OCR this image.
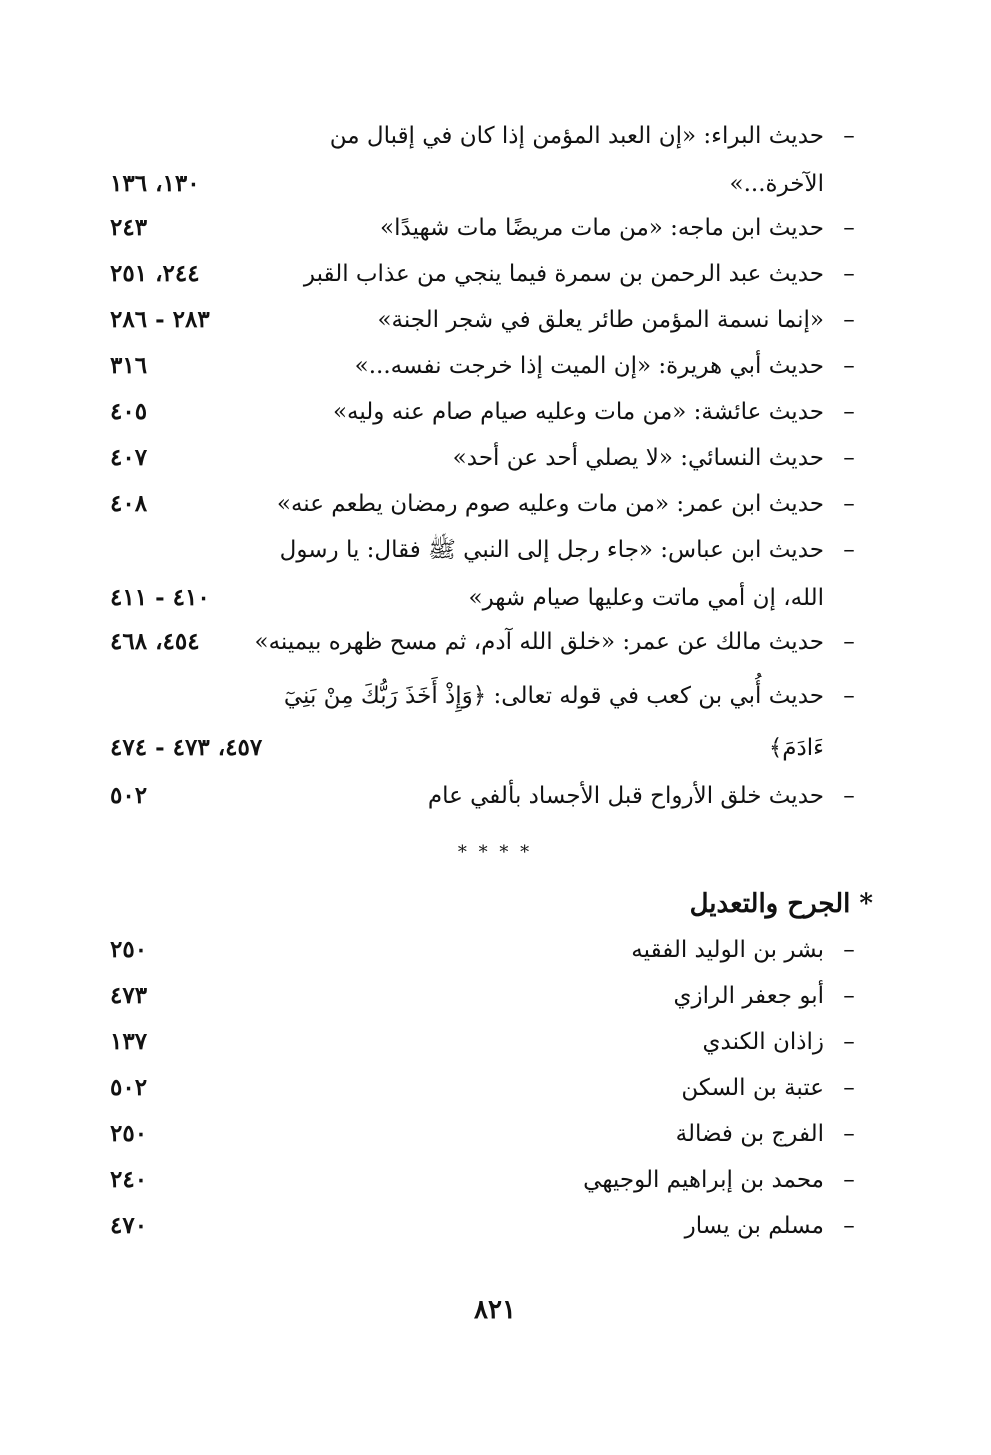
–
حديث البراء: «إن العبد المؤمن إذا كان في إقبال من
الآخرة...»
١٣٠، ١٣٦
–
حديث ابن ماجه: «من مات مريضًا مات شهيدًا»
٢٤٣
–
حديث عبد الرحمن بن سمرة فيما ينجي من عذاب القبر
٢٤٤، ٢٥١
–
«إنما نسمة المؤمن طائر يعلق في شجر الجنة»
٢٨٣ - ٢٨٦
–
حديث أبي هريرة: «إن الميت إذا خرجت نفسه...»
٣١٦
–
حديث عائشة: «من مات وعليه صيام صام عنه وليه»
٤٠٥
–
حديث النسائي: «لا يصلي أحد عن أحد»
٤٠٧
–
حديث ابن عمر: «من مات وعليه صوم رمضان يطعم عنه»
٤٠٨
–
حديث ابن عباس: «جاء رجل إلى النبي ﷺ فقال: يا رسول
الله، إن أمي ماتت وعليها صيام شهر»
٤١٠ - ٤١١
–
حديث مالك عن عمر: «خلق الله آدم، ثم مسح ظهره بيمينه»
٤٥٤، ٤٦٨
–
حديث أُبي بن كعب في قوله تعالى: ﴿وَإِذْ أَخَذَ رَبُّكَ مِنْ بَنِيٓ
ءَادَمَ﴾
٤٥٧، ٤٧٣ - ٤٧٤
–
حديث خلق الأرواح قبل الأجساد بألفي عام
٥٠٢
* * * *
* الجرح والتعديل
–
بشر بن الوليد الفقيه
٢٥٠
–
أبو جعفر الرازي
٤٧٣
–
زاذان الكندي
١٣٧
–
عتبة بن السكن
٥٠٢
–
الفرج بن فضالة
٢٥٠
–
محمد بن إبراهيم الوجيهي
٢٤٠
–
مسلم بن يسار
٤٧٠
٨٢١
